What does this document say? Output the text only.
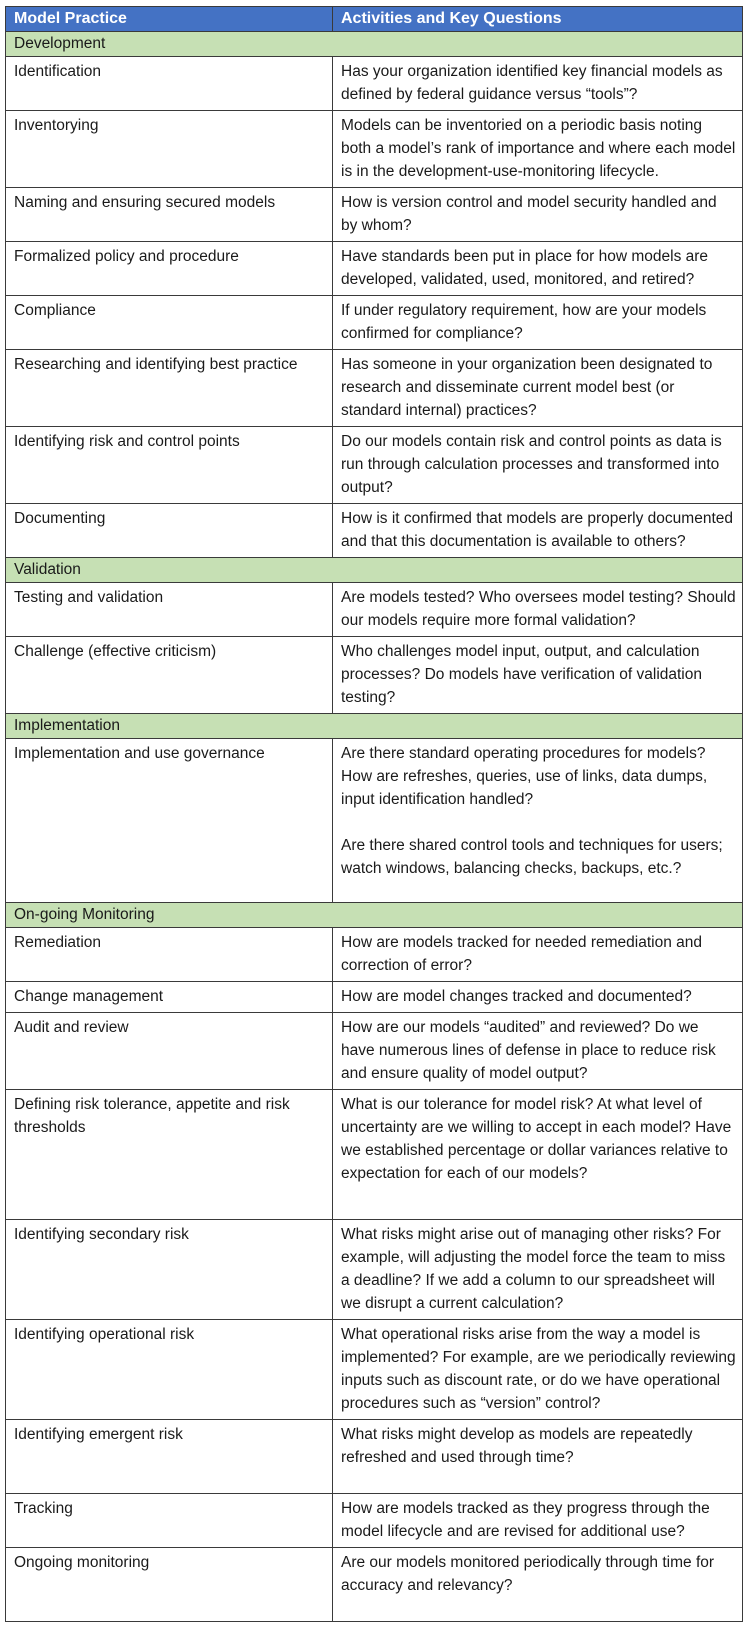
Model Practice	Activities and Key Questions
Development	
Identification	Has your organization identified key financial models as defined by federal guidance versus “tools”?
Inventorying	Models can be inventoried on a periodic basis noting both a model’s rank of importance and where each model is in the development-use-monitoring lifecycle.
Naming and ensuring secured models	How is version control and model security handled and by whom?
Formalized policy and procedure	Have standards been put in place for how models are developed, validated, used, monitored, and retired?
Compliance	If under regulatory requirement, how are your models confirmed for compliance?
Researching and identifying best practice	Has someone in your organization been designated to research and disseminate current model best (or standard internal) practices?
Identifying risk and control points	Do our models contain risk and control points as data is run through calculation processes and transformed into output?
Documenting	How is it confirmed that models are properly documented and that this documentation is available to others?
Validation	
Testing and validation	Are models tested? Who oversees model testing? Should our models require more formal validation?
Challenge (effective criticism)	Who challenges model input, output, and calculation processes? Do models have verification of validation testing?
Implementation	
Implementation and use governance	Are there standard operating procedures for models? How are refreshes, queries, use of links, data dumps, input identification handled?

Are there shared control tools and techniques for users; watch windows, balancing checks, backups, etc.?
On-going Monitoring	
Remediation	How are models tracked for needed remediation and correction of error?
Change management	How are model changes tracked and documented?
Audit and review	How are our models “audited” and reviewed? Do we have numerous lines of defense in place to reduce risk and ensure quality of model output?
Defining risk tolerance, appetite and risk thresholds	What is our tolerance for model risk? At what level of uncertainty are we willing to accept in each model? Have we established percentage or dollar variances relative to expectation for each of our models?
Identifying secondary risk	What risks might arise out of managing other risks? For example, will adjusting the model force the team to miss a deadline? If we add a column to our spreadsheet will we disrupt a current calculation?
Identifying operational risk	What operational risks arise from the way a model is implemented? For example, are we periodically reviewing inputs such as discount rate, or do we have operational procedures such as “version” control?
Identifying emergent risk	What risks might develop as models are repeatedly refreshed and used through time?
Tracking	How are models tracked as they progress through the model lifecycle and are revised for additional use?
Ongoing monitoring	Are our models monitored periodically through time for accuracy and relevancy?
